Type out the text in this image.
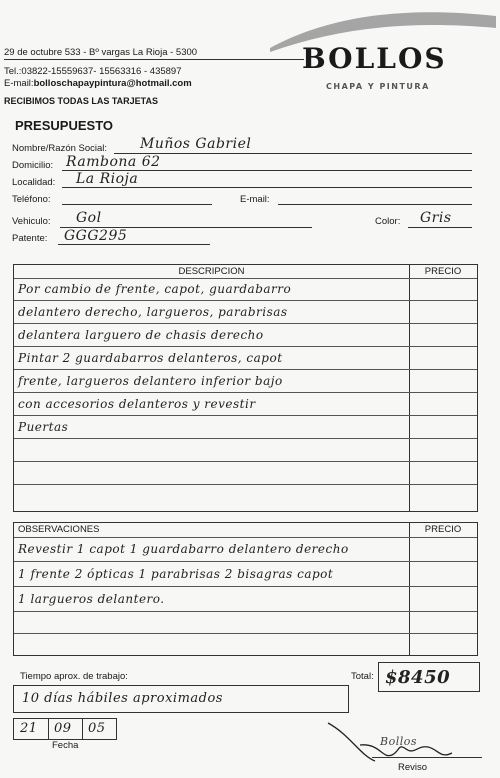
29 de octubre 533 - Bº vargas La Rioja - 5300
Tel.:03822-15559637- 15563316 - 435897
E-mail:bolloschapaypintura@hotmail.com
RECIBIMOS TODAS LAS TARJETAS
BOLLOS
CHAPA Y PINTURA
PRESUPUESTO
Nombre/Razón Social: Muños Gabriel
Domicilio: Rambona 62
Localidad: La Rioja
Teléfono:	E-mail:
Vehiculo: Gol	Color: Gris
Patente: GGG295
DESCRIPCION	PRECIO
Por cambio de frente, capot, guardabarro
delantero derecho, largueros, parabrisas
delantera larguero de chasis derecho
Pintar 2 guardabarros delanteros, capot
frente, largueros delantero inferior bajo
con accesorios delanteros y revestir
Puertas
OBSERVACIONES	PRECIO
Revestir 1 capot 1 guardabarro delantero derecho
1 frente 2 ópticas 1 parabrisas 2 bisagras capot
1 largueros delantero.
Tiempo aprox. de trabajo:
10 días hábiles aproximados
Total: $8450
21 09 05
Fecha	Bollos
Reviso
